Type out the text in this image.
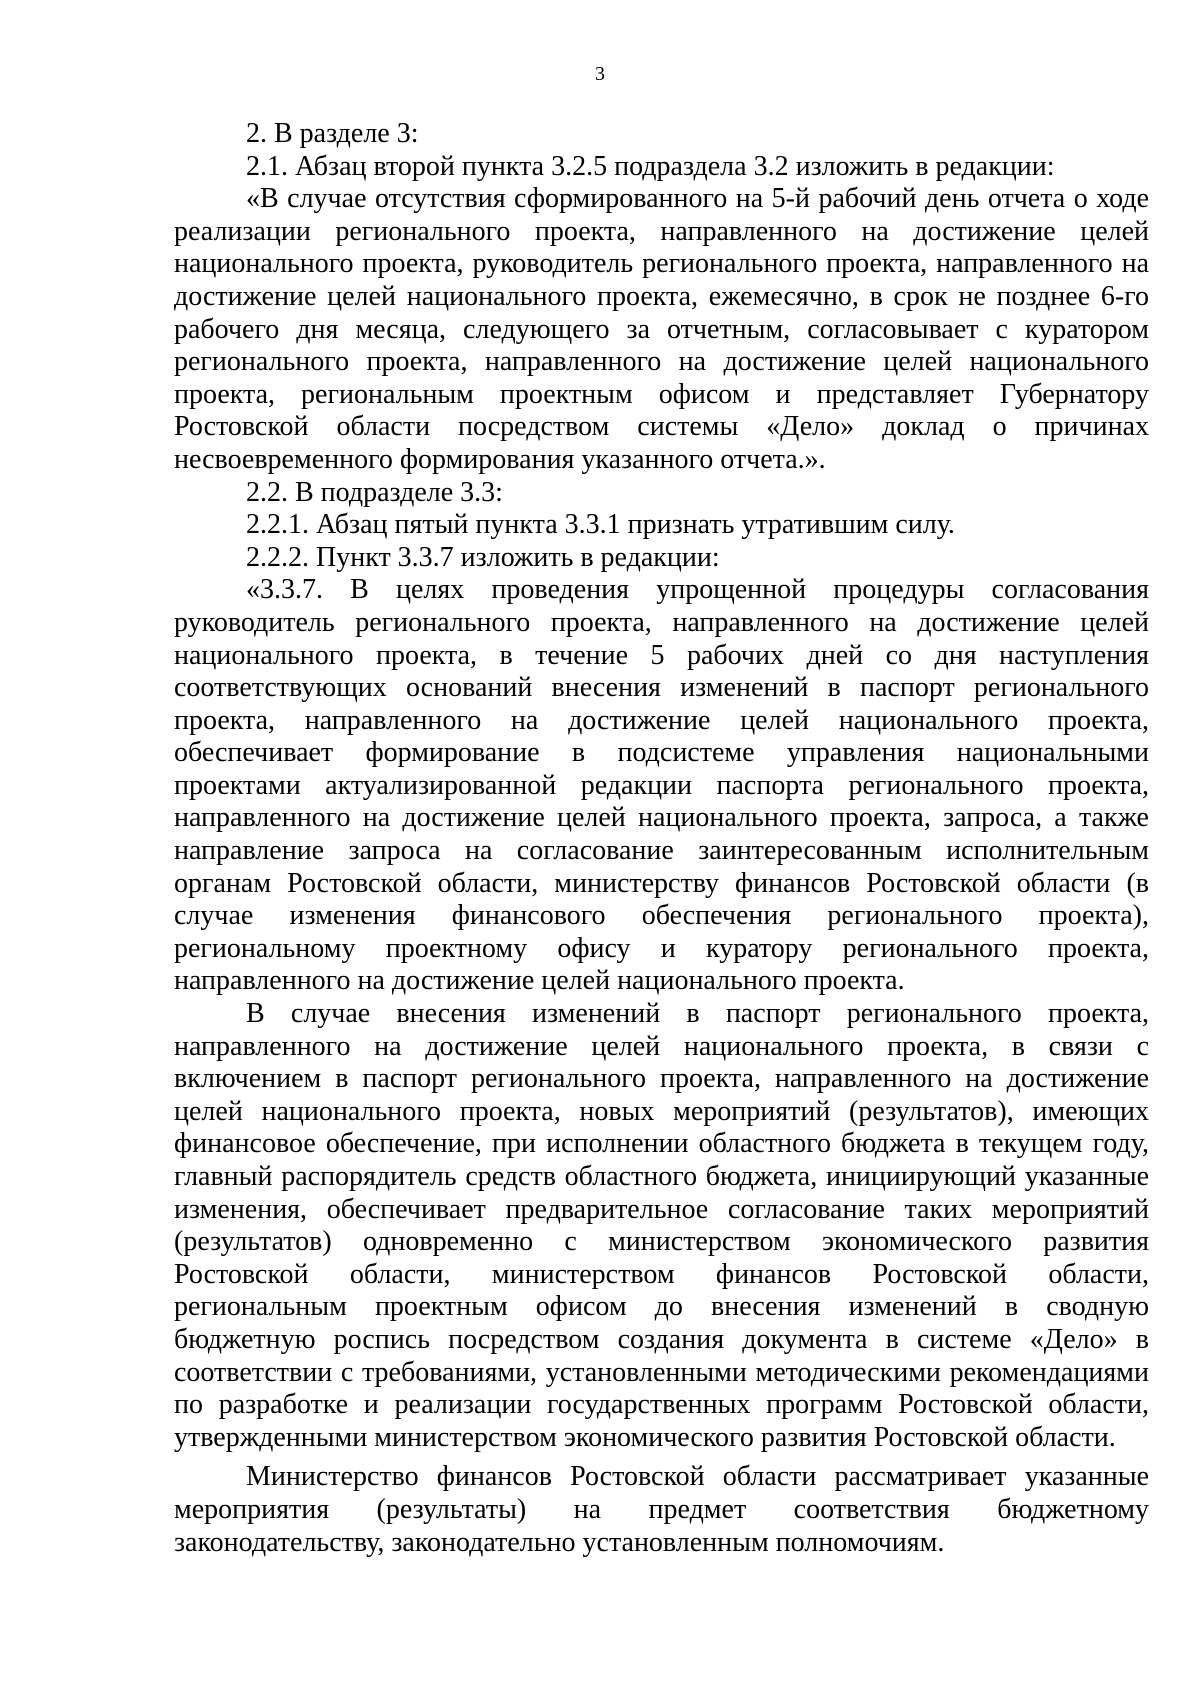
3

2. В разделе 3:

2.1. Абзац второй пункта 3.2.5 подраздела 3.2 изложить в редакции:

«В случае отсутствия сформированного на 5-й рабочий день отчета о ходе реализации регионального проекта, направленного на достижение целей национального проекта, руководитель регионального проекта, направленного на достижение целей национального проекта, ежемесячно, в срок не позднее 6-го рабочего дня месяца, следующего за отчетным, согласовывает с куратором регионального проекта, направленного на достижение целей национального проекта, региональным проектным офисом и представляет Губернатору Ростовской области посредством системы «Дело» доклад о причинах несвоевременного формирования указанного отчета.».

2.2. В подразделе 3.3:

2.2.1. Абзац пятый пункта 3.3.1 признать утратившим силу.

2.2.2. Пункт 3.3.7 изложить в редакции:

«3.3.7. В целях проведения упрощенной процедуры согласования руководитель регионального проекта, направленного на достижение целей национального проекта, в течение 5 рабочих дней со дня наступления соответствующих оснований внесения изменений в паспорт регионального проекта, направленного на достижение целей национального проекта, обеспечивает формирование в подсистеме управления национальными проектами актуализированной редакции паспорта регионального проекта, направленного на достижение целей национального проекта, запроса, а также направление запроса на согласование заинтересованным исполнительным органам Ростовской области, министерству финансов Ростовской области (в случае изменения финансового обеспечения регионального проекта), региональному проектному офису и куратору регионального проекта, направленного на достижение целей национального проекта.

В случае внесения изменений в паспорт регионального проекта, направленного на достижение целей национального проекта, в связи с включением в паспорт регионального проекта, направленного на достижение целей национального проекта, новых мероприятий (результатов), имеющих финансовое обеспечение, при исполнении областного бюджета в текущем году, главный распорядитель средств областного бюджета, инициирующий указанные изменения, обеспечивает предварительное согласование таких мероприятий (результатов) одновременно с министерством экономического развития Ростовской области, министерством финансов Ростовской области, региональным проектным офисом до внесения изменений в сводную бюджетную роспись посредством создания документа в системе «Дело» в соответствии с требованиями, установленными методическими рекомендациями по разработке и реализации государственных программ Ростовской области, утвержденными министерством экономического развития Ростовской области.

Министерство финансов Ростовской области рассматривает указанные мероприятия (результаты) на предмет соответствия бюджетному законодательству, законодательно установленным полномочиям.
